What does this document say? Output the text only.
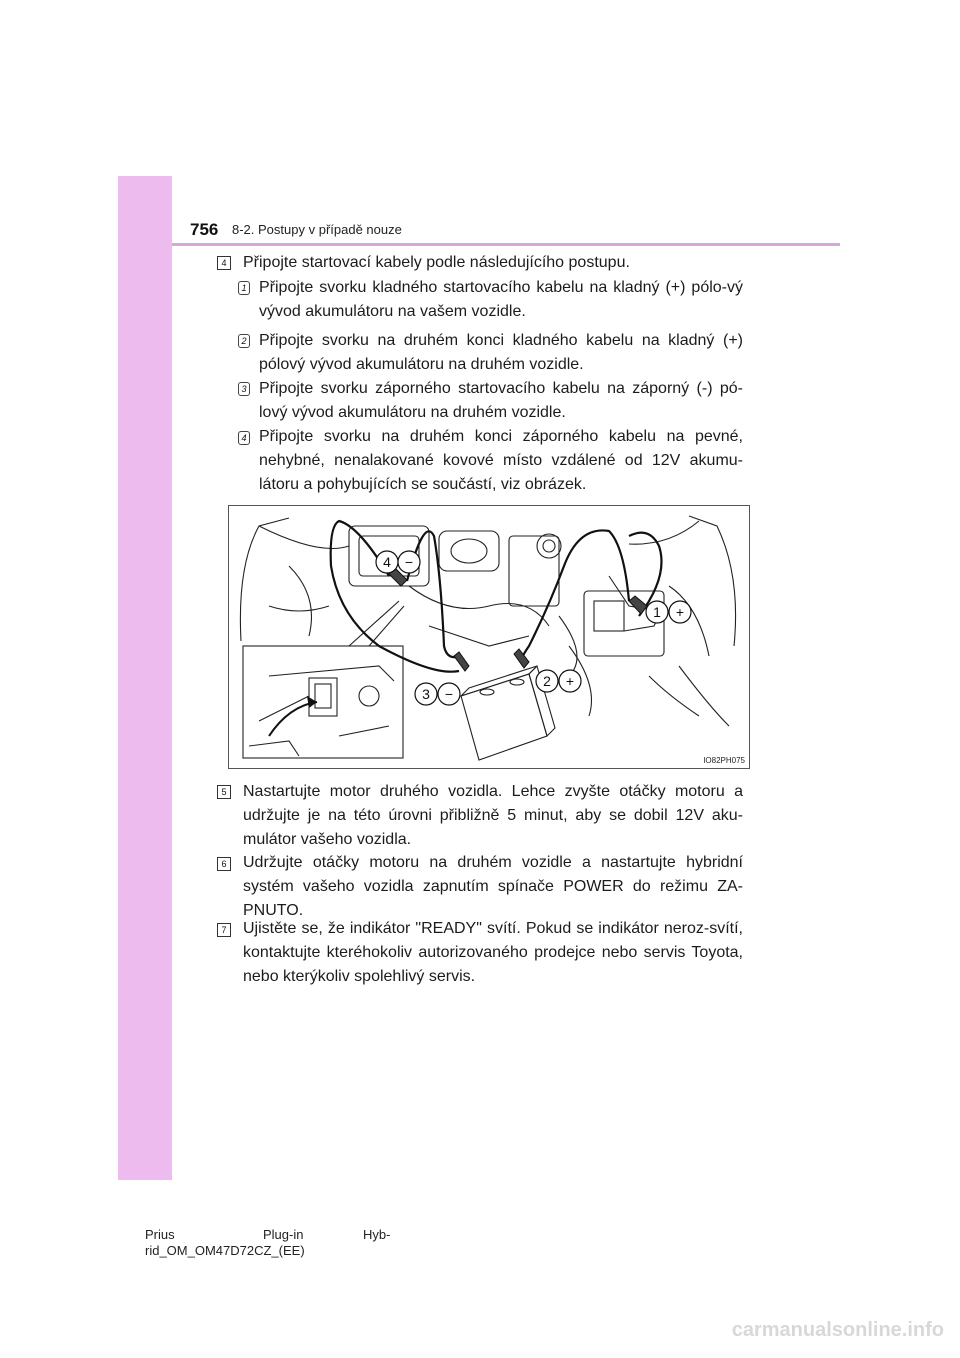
756 8-2. Postupy v případě nouze
4 Připojte startovací kabely podle následujícího postupu.
1 Připojte svorku kladného startovacího kabelu na kladný (+) pólo-vý vývod akumulátoru na vašem vozidle.
2 Připojte svorku na druhém konci kladného kabelu na kladný (+) pólový vývod akumulátoru na druhém vozidle.
3 Připojte svorku záporného startovacího kabelu na záporný (-) pó-lový vývod akumulátoru na druhém vozidle.
4 Připojte svorku na druhém konci záporného kabelu na pevné, nehybné, nenalakované kovové místo vzdálené od 12V akumu-látoru a pohybujících se součástí, viz obrázek.
4 −
1 +
2 +
3 −
IO82PH075
5 Nastartujte motor druhého vozidla. Lehce zvyšte otáčky motoru a udržujte je na této úrovni přibližně 5 minut, aby se dobil 12V aku-mulátor vašeho vozidla.
6 Udržujte otáčky motoru na druhém vozidle a nastartujte hybridní systém vašeho vozidla zapnutím spínače POWER do režimu ZA-PNUTO.
7 Ujistěte se, že indikátor "READY" svítí. Pokud se indikátor neroz-svítí, kontaktujte kteréhokoliv autorizovaného prodejce nebo servis Toyota, nebo kterýkoliv spolehlivý servis.
Prius	Plug-in	Hyb-
rid_OM_OM47D72CZ_(EE)
carmanualsonline.info
